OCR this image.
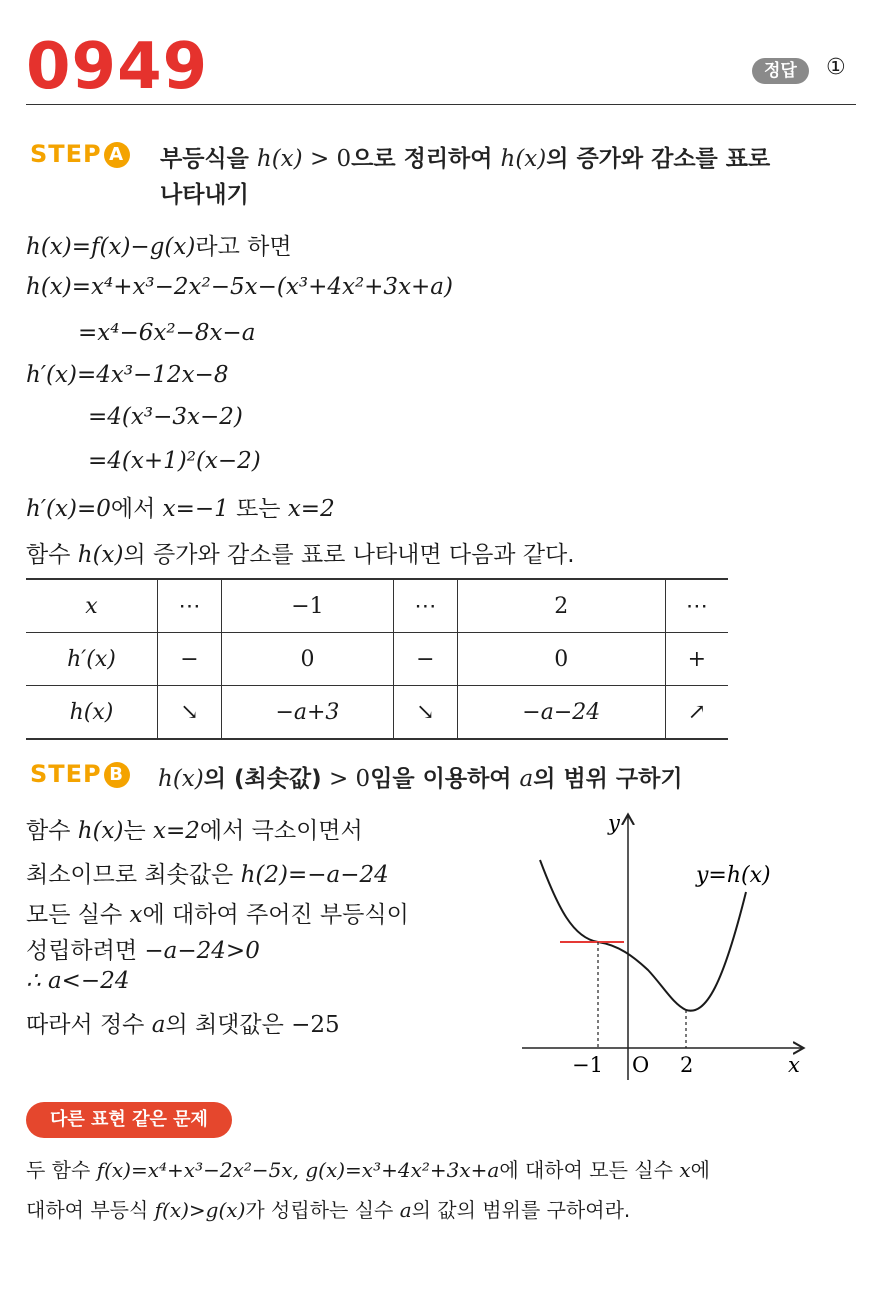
0949	정답	①
STEP A 부등식을 h(x) > 0으로 정리하여 h(x)의 증가와 감소를 표로
나타내기
h(x)=f(x)−g(x)라고 하면
h(x)=x⁴+x³−2x²−5x−(x³+4x²+3x+a)
=x⁴−6x²−8x−a
h′(x)=4x³−12x−8
=4(x³−3x−2)
=4(x+1)²(x−2)
h′(x)=0에서 x=−1 또는 x=2
함수 h(x)의 증가와 감소를 표로 나타내면 다음과 같다.
x	⋯	−1	⋯	2	⋯
h′(x)	−	0	−	0	+
h(x)	↘	−a+3	↘	−a−24	↗
STEP B h(x)의 (최솟값) > 0임을 이용하여 a의 범위 구하기
함수 h(x)는 x=2에서 극소이면서
최소이므로 최솟값은 h(2)=−a−24
모든 실수 x에 대하여 주어진 부등식이
성립하려면 −a−24>0
∴ a<−24
따라서 정수 a의 최댓값은 −25
y
x
O
−1	2
y=h(x)
다른 표현 같은 문제
두 함수 f(x)=x⁴+x³−2x²−5x, g(x)=x³+4x²+3x+a에 대하여 모든 실수 x에
대하여 부등식 f(x)>g(x)가 성립하는 실수 a의 값의 범위를 구하여라.
